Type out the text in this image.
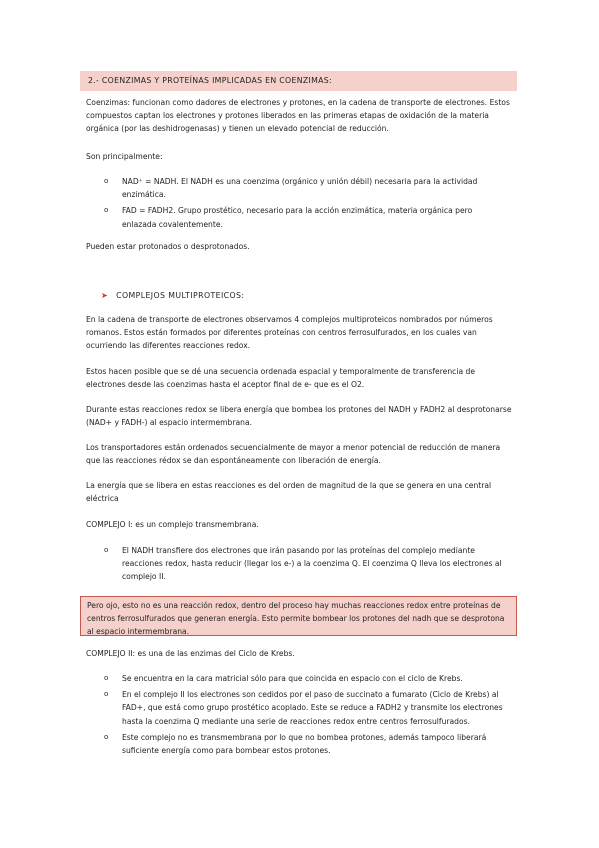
2.- COENZIMAS Y PROTEÍNAS IMPLICADAS EN COENZIMAS:

Coenzimas: funcionan como dadores de electrones y protones, en la cadena de transporte de electrones. Estos compuestos captan los electrones y protones liberados en las primeras etapas de oxidación de la materia orgánica (por las deshidrogenasas) y tienen un elevado potencial de reducción.

Son principalmente:

o NAD⁺ = NADH. El NADH es una coenzima (orgánico y unión débil) necesaria para la actividad enzimática.
o FAD = FADH2. Grupo prostético, necesario para la acción enzimática, materia orgánica pero enlazada covalentemente.

Pueden estar protonados o desprotonados.

➤ COMPLEJOS MULTIPROTEICOS:

En la cadena de transporte de electrones observamos 4 complejos multiproteicos nombrados por números romanos. Estos están formados por diferentes proteínas con centros ferrosulfurados, en los cuales van ocurriendo las diferentes reacciones redox.

Estos hacen posible que se dé una secuencia ordenada espacial y temporalmente de transferencia de electrones desde las coenzimas hasta el aceptor final de e- que es el O2.

Durante estas reacciones redox se libera energía que bombea los protones del NADH y FADH2 al desprotonarse (NAD+ y FADH-) al espacio intermembrana.

Los transportadores están ordenados secuencialmente de mayor a menor potencial de reducción de manera que las reacciones rédox se dan espontáneamente con liberación de energía.

La energía que se libera en estas reacciones es del orden de magnitud de la que se genera en una central eléctrica

COMPLEJO I: es un complejo transmembrana.

o El NADH transfiere dos electrones que irán pasando por las proteínas del complejo mediante reacciones redox, hasta reducir (llegar los e-) a la coenzima Q. El coenzima Q lleva los electrones al complejo II.
Pero ojo, esto no es una reacción redox, dentro del proceso hay muchas reacciones redox entre proteínas de centros ferrosulfurados que generan energía. Esto permite bombear los protones del nadh que se desprotona al espacio intermembrana.

COMPLEJO II: es una de las enzimas del Ciclo de Krebs.

o Se encuentra en la cara matricial sólo para que coincida en espacio con el ciclo de Krebs.
o En el complejo II los electrones son cedidos por el paso de succinato a fumarato (Ciclo de Krebs) al FAD+, que está como grupo prostético acoplado. Este se reduce a FADH2 y transmite los electrones hasta la coenzima Q mediante una serie de reacciones redox entre centros ferrosulfurados.
o Este complejo no es transmembrana por lo que no bombea protones, además tampoco liberará suficiente energía como para bombear estos protones.
